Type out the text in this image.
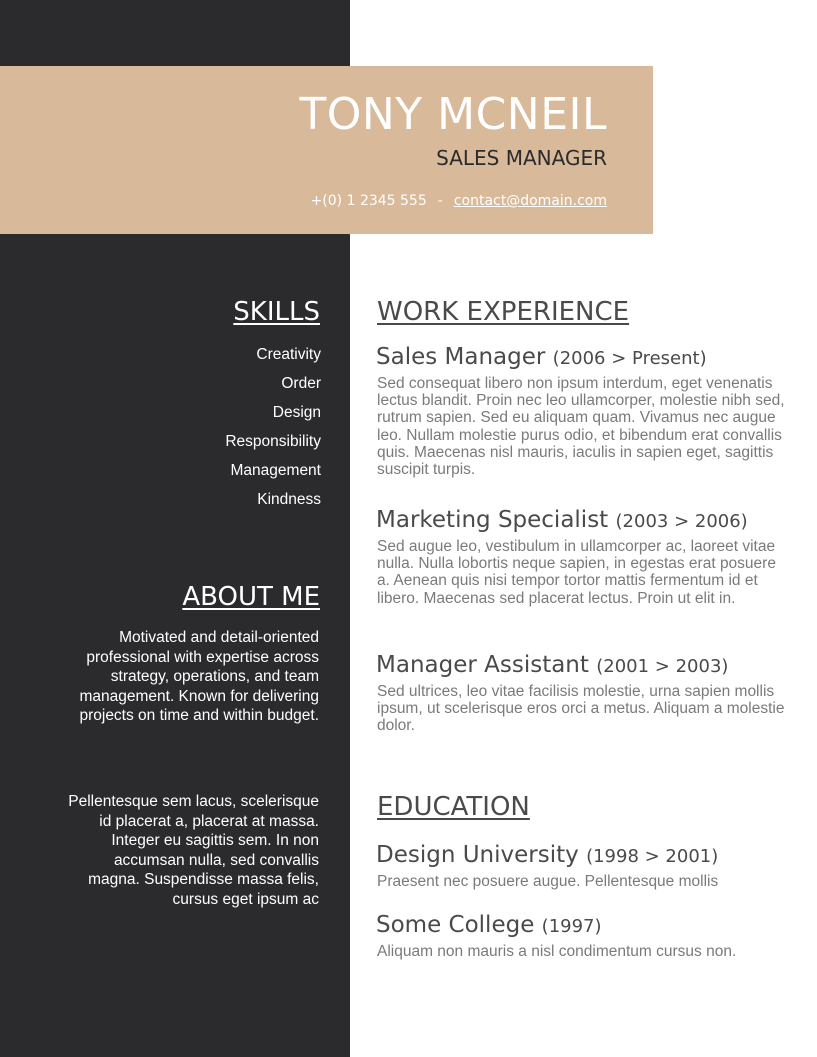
TONY MCNEIL
SALES MANAGER
+(0) 1 2345 555 - contact@domain.com
SKILLS
Creativity
Order
Design
Responsibility
Management
Kindness
ABOUT ME

Motivated and detail-oriented professional with expertise across strategy, operations, and team management. Known for delivering projects on time and within budget.

Pellentesque sem lacus, scelerisque id placerat a, placerat at massa. Integer eu sagittis sem. In non accumsan nulla, sed convallis magna. Suspendisse massa felis, cursus eget ipsum ac

WORK EXPERIENCE
Sales Manager (2006 > Present)

Sed consequat libero non ipsum interdum, eget venenatis lectus blandit. Proin nec leo ullamcorper, molestie nibh sed, rutrum sapien. Sed eu aliquam quam. Vivamus nec augue leo. Nullam molestie purus odio, et bibendum erat convallis quis. Maecenas nisl mauris, iaculis in sapien eget, sagittis suscipit turpis.

Marketing Specialist (2003 > 2006)

Sed augue leo, vestibulum in ullamcorper ac, laoreet vitae nulla. Nulla lobortis neque sapien, in egestas erat posuere a. Aenean quis nisi tempor tortor mattis fermentum id et libero. Maecenas sed placerat lectus. Proin ut elit in.

Manager Assistant (2001 > 2003)

Sed ultrices, leo vitae facilisis molestie, urna sapien mollis ipsum, ut scelerisque eros orci a metus. Aliquam a molestie dolor.

EDUCATION
Design University (1998 > 2001)

Praesent nec posuere augue. Pellentesque mollis

Some College (1997)

Aliquam non mauris a nisl condimentum cursus non.
